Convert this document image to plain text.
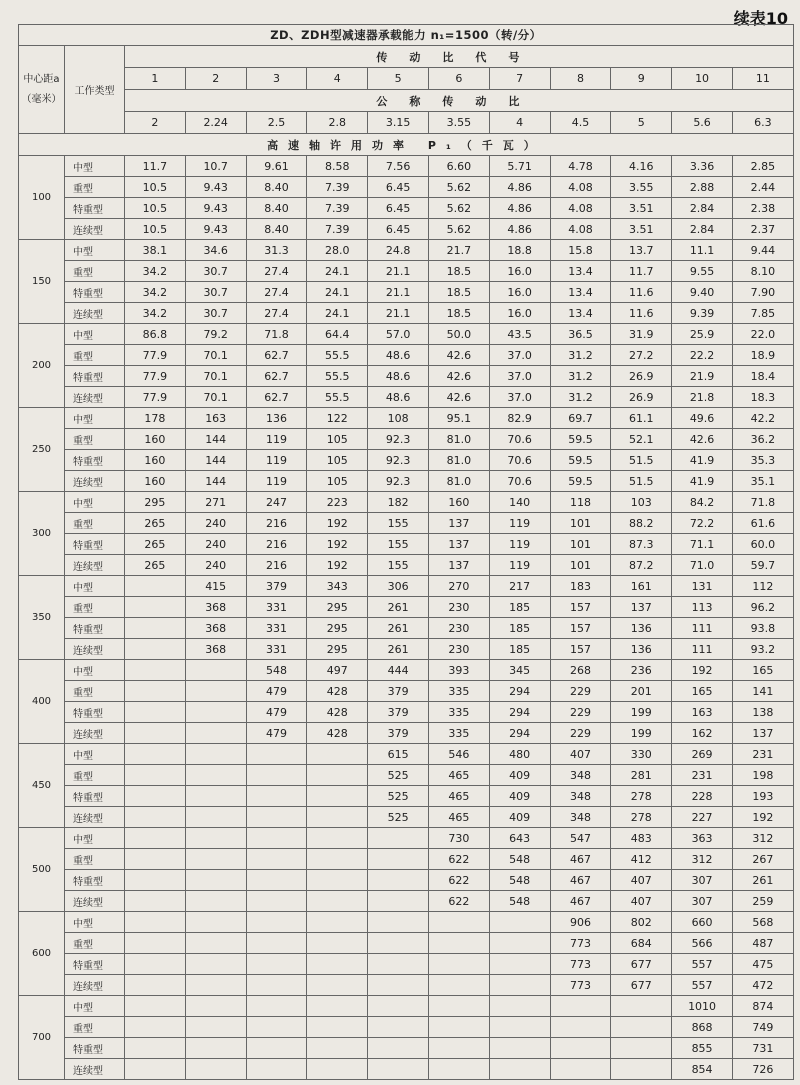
续表10
ZD、ZDH型减速器承载能力 n₁=1500（转/分）												

中心距a
（毫米）	工作类型	传动比代号										
		1	2	3	4	5	6	7	8	9	10	11
		公称传动比										
		2	2.24	2.5	2.8	3.15	3.55	4	4.5	5	5.6	6.3
高速轴许用功率 P₁（千瓦）												
100	中型	11.7	10.7	9.61	8.58	7.56	6.60	5.71	4.78	4.16	3.36	2.85
	重型	10.5	9.43	8.40	7.39	6.45	5.62	4.86	4.08	3.55	2.88	2.44
	特重型	10.5	9.43	8.40	7.39	6.45	5.62	4.86	4.08	3.51	2.84	2.38
	连续型	10.5	9.43	8.40	7.39	6.45	5.62	4.86	4.08	3.51	2.84	2.37
150	中型	38.1	34.6	31.3	28.0	24.8	21.7	18.8	15.8	13.7	11.1	9.44
	重型	34.2	30.7	27.4	24.1	21.1	18.5	16.0	13.4	11.7	9.55	8.10
	特重型	34.2	30.7	27.4	24.1	21.1	18.5	16.0	13.4	11.6	9.40	7.90
	连续型	34.2	30.7	27.4	24.1	21.1	18.5	16.0	13.4	11.6	9.39	7.85
200	中型	86.8	79.2	71.8	64.4	57.0	50.0	43.5	36.5	31.9	25.9	22.0
	重型	77.9	70.1	62.7	55.5	48.6	42.6	37.0	31.2	27.2	22.2	18.9
	特重型	77.9	70.1	62.7	55.5	48.6	42.6	37.0	31.2	26.9	21.9	18.4
	连续型	77.9	70.1	62.7	55.5	48.6	42.6	37.0	31.2	26.9	21.8	18.3
250	中型	178	163	136	122	108	95.1	82.9	69.7	61.1	49.6	42.2
	重型	160	144	119	105	92.3	81.0	70.6	59.5	52.1	42.6	36.2
	特重型	160	144	119	105	92.3	81.0	70.6	59.5	51.5	41.9	35.3
	连续型	160	144	119	105	92.3	81.0	70.6	59.5	51.5	41.9	35.1
300	中型	295	271	247	223	182	160	140	118	103	84.2	71.8
	重型	265	240	216	192	155	137	119	101	88.2	72.2	61.6
	特重型	265	240	216	192	155	137	119	101	87.3	71.1	60.0
	连续型	265	240	216	192	155	137	119	101	87.2	71.0	59.7
350	中型		415	379	343	306	270	217	183	161	131	112
	重型		368	331	295	261	230	185	157	137	113	96.2
	特重型		368	331	295	261	230	185	157	136	111	93.8
	连续型		368	331	295	261	230	185	157	136	111	93.2
400	中型			548	497	444	393	345	268	236	192	165
	重型			479	428	379	335	294	229	201	165	141
	特重型			479	428	379	335	294	229	199	163	138
	连续型			479	428	379	335	294	229	199	162	137
450	中型					615	546	480	407	330	269	231
	重型					525	465	409	348	281	231	198
	特重型					525	465	409	348	278	228	193
	连续型					525	465	409	348	278	227	192
500	中型						730	643	547	483	363	312
	重型						622	548	467	412	312	267
	特重型						622	548	467	407	307	261
	连续型						622	548	467	407	307	259
600	中型								906	802	660	568
	重型								773	684	566	487
	特重型								773	677	557	475
	连续型								773	677	557	472
700	中型										1010	874
	重型										868	749
	特重型										855	731
	连续型										854	726
